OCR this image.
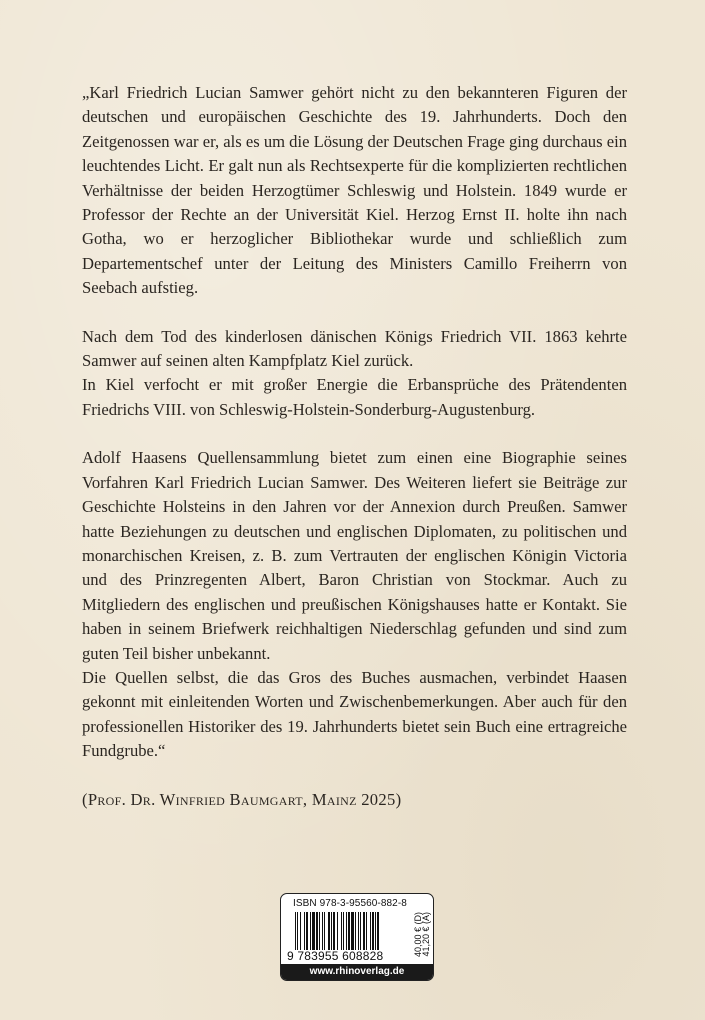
„Karl Friedrich Lucian Samwer gehört nicht zu den bekannteren Figuren der deutschen und europäischen Geschichte des 19. Jahrhunderts. Doch den Zeitgenossen war er, als es um die Lösung der Deutschen Frage ging durchaus ein leuchtendes Licht. Er galt nun als Rechtsexperte für die komplizierten rechtlichen Verhältnisse der beiden Herzogtümer Schleswig und Holstein. 1849 wurde er Professor der Rechte an der Universität Kiel. Herzog Ernst II. holte ihn nach Gotha, wo er herzoglicher Bibliothekar wurde und schließlich zum Departementschef unter der Leitung des Ministers Camillo Freiherrn von Seebach aufstieg.

Nach dem Tod des kinderlosen dänischen Königs Friedrich VII. 1863 kehrte Samwer auf seinen alten Kampfplatz Kiel zurück.

In Kiel verfocht er mit großer Energie die Erbansprüche des Prätendenten Friedrichs VIII. von Schleswig-Holstein-Sonderburg-Augustenburg.

Adolf Haasens Quellensammlung bietet zum einen eine Biographie seines Vorfahren Karl Friedrich Lucian Samwer. Des Weiteren liefert sie Beiträge zur Geschichte Holsteins in den Jahren vor der Annexion durch Preußen. Samwer hatte Beziehungen zu deutschen und englischen Diplomaten, zu politischen und monarchischen Kreisen, z. B. zum Vertrauten der englischen Königin Victoria und des Prinzregenten Albert, Baron Christian von Stockmar. Auch zu Mitgliedern des englischen und preußischen Königshauses hatte er Kontakt. Sie haben in seinem Briefwerk reichhaltigen Niederschlag gefunden und sind zum guten Teil bisher unbekannt.

Die Quellen selbst, die das Gros des Buches ausmachen, verbindet Haasen gekonnt mit einleitenden Worten und Zwischenbemerkungen. Aber auch für den professionellen Historiker des 19. Jahrhunderts bietet sein Buch eine ertragreiche Fundgrube.“

(Prof. Dr. Winfried Baumgart, Mainz 2025)

ISBN 978-3-95560-882-8
9 783955 608828	40,00 € (D)
41,20 € (A)
www.rhinoverlag.de
